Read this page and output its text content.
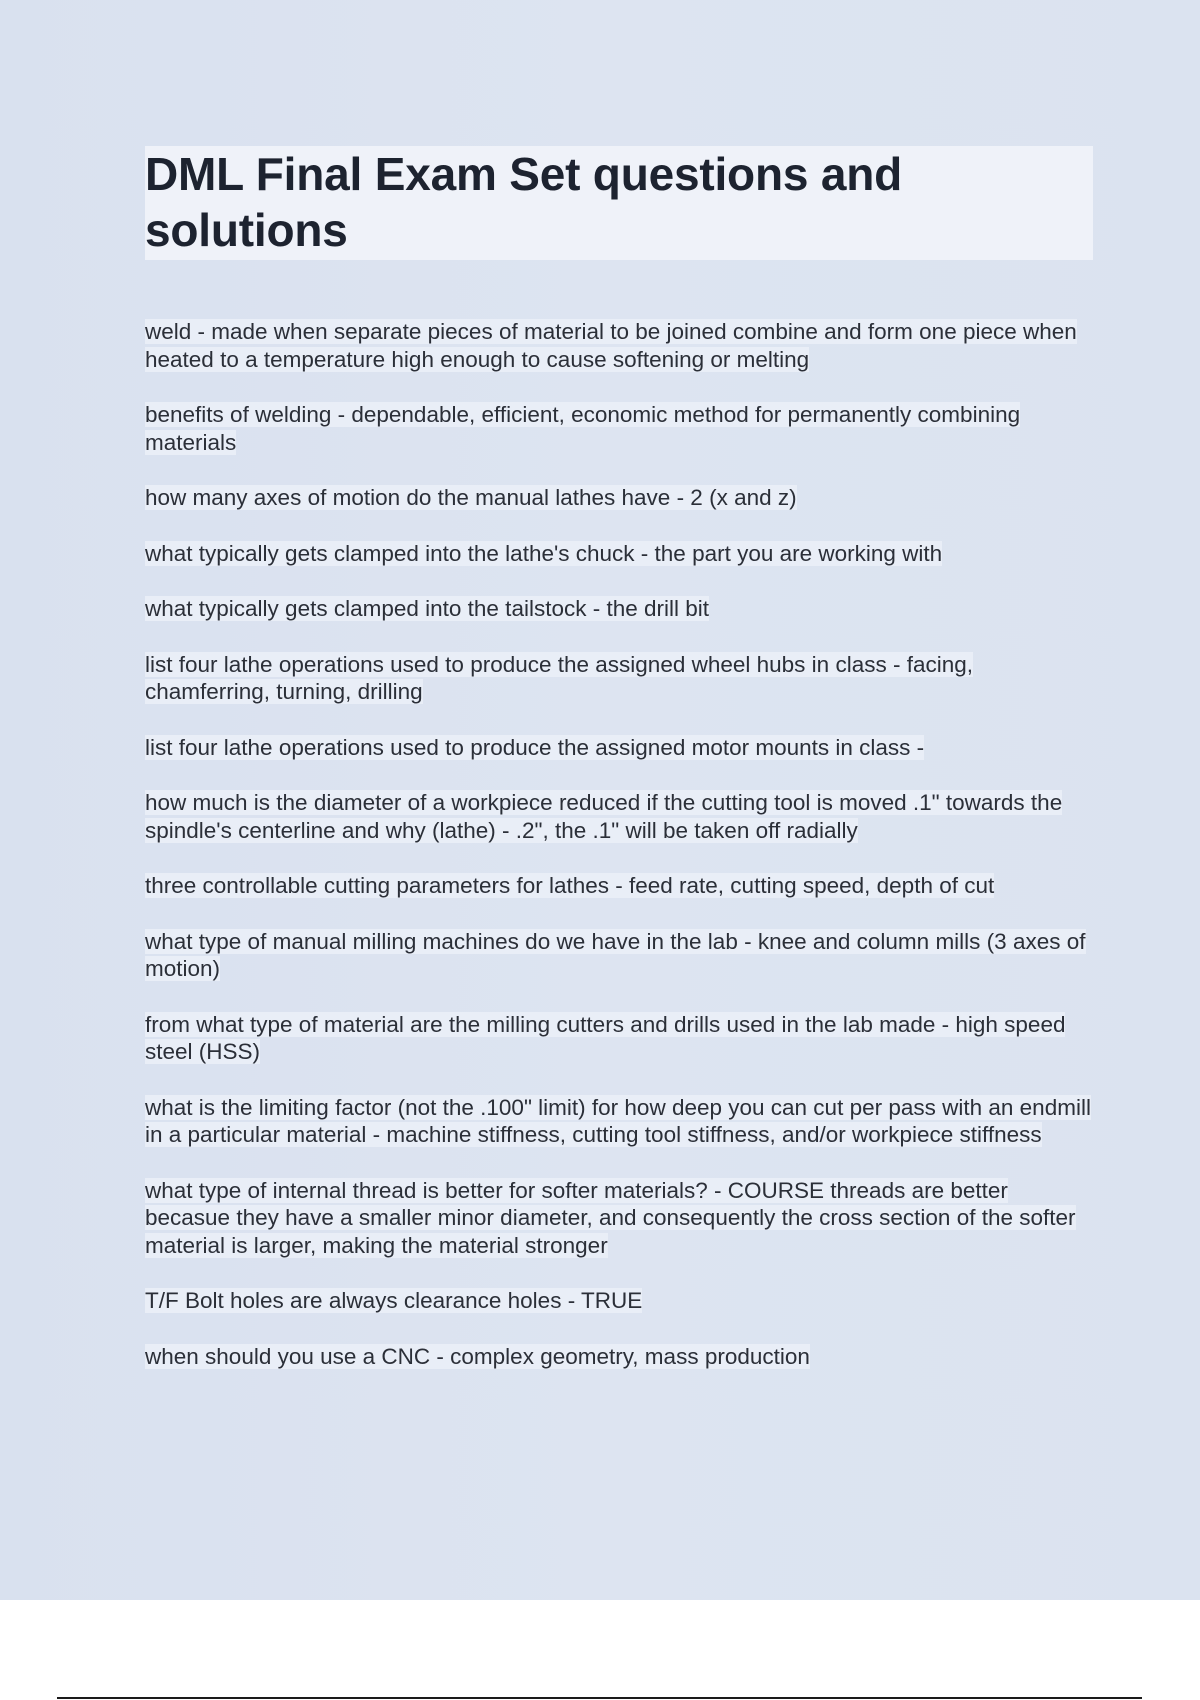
DML Final Exam Set questions and solutions
weld - made when separate pieces of material to be joined combine and form one piece when heated to a temperature high enough to cause softening or melting
benefits of welding - dependable, efficient, economic method for permanently combining materials
how many axes of motion do the manual lathes have - 2 (x and z)
what typically gets clamped into the lathe's chuck - the part you are working with
what typically gets clamped into the tailstock - the drill bit
list four lathe operations used to produce the assigned wheel hubs in class - facing, chamferring, turning, drilling
list four lathe operations used to produce the assigned motor mounts in class -
how much is the diameter of a workpiece reduced if the cutting tool is moved .1" towards the spindle's centerline and why (lathe) - .2", the .1" will be taken off radially
three controllable cutting parameters for lathes - feed rate, cutting speed, depth of cut
what type of manual milling machines do we have in the lab - knee and column mills (3 axes of motion)
from what type of material are the milling cutters and drills used in the lab made - high speed steel (HSS)
what is the limiting factor (not the .100" limit) for how deep you can cut per pass with an endmill in a particular material - machine stiffness, cutting tool stiffness, and/or workpiece stiffness
what type of internal thread is better for softer materials? - COURSE threads are better becasue they have a smaller minor diameter, and consequently the cross section of the softer material is larger, making the material stronger
T/F Bolt holes are always clearance holes - TRUE
when should you use a CNC - complex geometry, mass production
